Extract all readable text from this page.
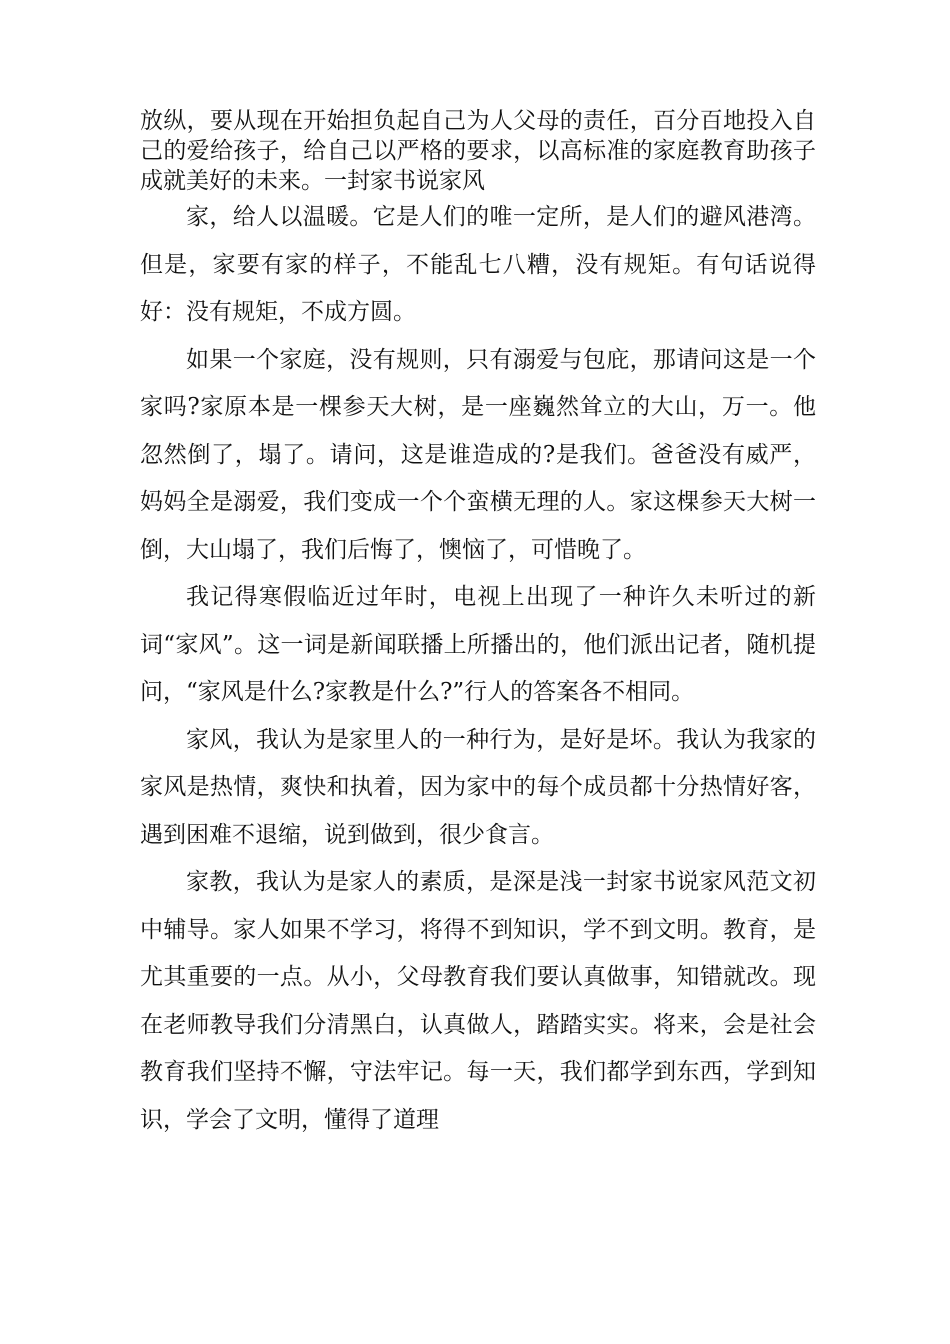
放纵，要从现在开始担负起自己为人父母的责任，百分百地投入自己的爱给孩子，给自己以严格的要求，以高标准的家庭教育助孩子成就美好的未来。一封家书说家风

家，给人以温暖。它是人们的唯一定所，是人们的避风港湾。但是，家要有家的样子，不能乱七八糟，没有规矩。有句话说得好：没有规矩，不成方圆。

如果一个家庭，没有规则，只有溺爱与包庇，那请问这是一个家吗?家原本是一棵参天大树，是一座巍然耸立的大山，万一。他忽然倒了，塌了。请问，这是谁造成的?是我们。爸爸没有威严，妈妈全是溺爱，我们变成一个个蛮横无理的人。家这棵参天大树一倒，大山塌了，我们后悔了，懊恼了，可惜晚了。

我记得寒假临近过年时，电视上出现了一种许久未听过的新词“家风”。这一词是新闻联播上所播出的，他们派出记者，随机提问，“家风是什么?家教是什么?”行人的答案各不相同。

家风，我认为是家里人的一种行为，是好是坏。我认为我家的家风是热情，爽快和执着，因为家中的每个成员都十分热情好客，遇到困难不退缩，说到做到，很少食言。

家教，我认为是家人的素质，是深是浅一封家书说家风范文初中辅导。家人如果不学习，将得不到知识，学不到文明。教育，是尤其重要的一点。从小，父母教育我们要认真做事，知错就改。现在老师教导我们分清黑白，认真做人，踏踏实实。将来，会是社会教育我们坚持不懈，守法牢记。每一天，我们都学到东西，学到知识，学会了文明，懂得了道理
